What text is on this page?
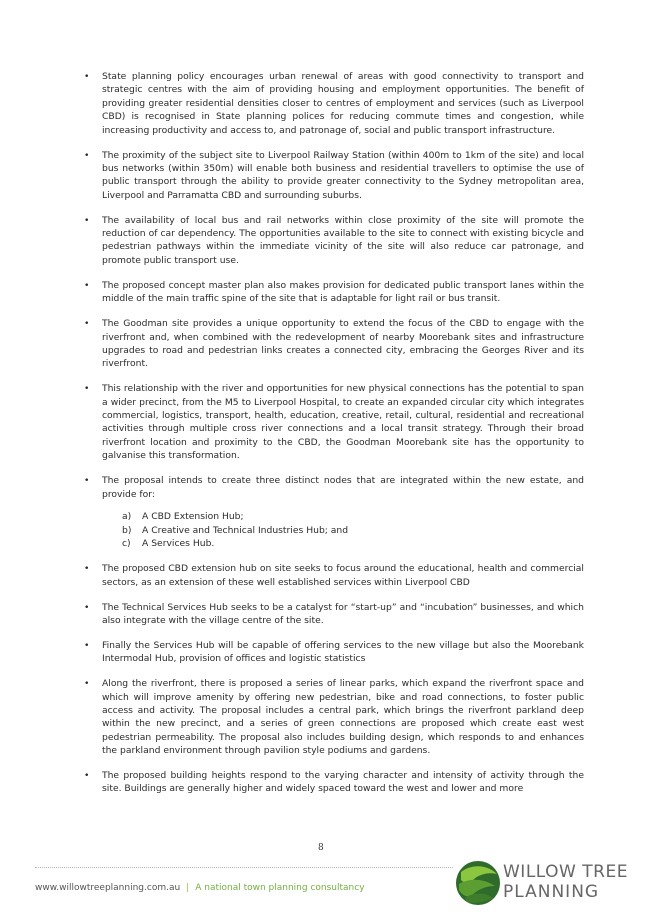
• State planning policy encourages urban renewal of areas with good connectivity to transport and strategic centres with the aim of providing housing and employment opportunities. The benefit of providing greater residential densities closer to centres of employment and services (such as Liverpool CBD) is recognised in State planning polices for reducing commute times and congestion, while increasing productivity and access to, and patronage of, social and public transport infrastructure.
• The proximity of the subject site to Liverpool Railway Station (within 400m to 1km of the site) and local bus networks (within 350m) will enable both business and residential travellers to optimise the use of public transport through the ability to provide greater connectivity to the Sydney metropolitan area, Liverpool and Parramatta CBD and surrounding suburbs.
• The availability of local bus and rail networks within close proximity of the site will promote the reduction of car dependency. The opportunities available to the site to connect with existing bicycle and pedestrian pathways within the immediate vicinity of the site will also reduce car patronage, and promote public transport use.
• The proposed concept master plan also makes provision for dedicated public transport lanes within the middle of the main traffic spine of the site that is adaptable for light rail or bus transit.
• The Goodman site provides a unique opportunity to extend the focus of the CBD to engage with the riverfront and, when combined with the redevelopment of nearby Moorebank sites and infrastructure upgrades to road and pedestrian links creates a connected city, embracing the Georges River and its riverfront.
• This relationship with the river and opportunities for new physical connections has the potential to span a wider precinct, from the M5 to Liverpool Hospital, to create an expanded circular city which integrates commercial, logistics, transport, health, education, creative, retail, cultural, residential and recreational activities through multiple cross river connections and a local transit strategy. Through their broad riverfront location and proximity to the CBD, the Goodman Moorebank site has the opportunity to galvanise this transformation.
• The proposal intends to create three distinct nodes that are integrated within the new estate, and provide for:
a)	A CBD Extension Hub;
b)	A Creative and Technical Industries Hub; and
c)	A Services Hub.
• The proposed CBD extension hub on site seeks to focus around the educational, health and commercial sectors, as an extension of these well established services within Liverpool CBD
• The Technical Services Hub seeks to be a catalyst for “start-up” and “incubation” businesses, and which also integrate with the village centre of the site.
• Finally the Services Hub will be capable of offering services to the new village but also the Moorebank Intermodal Hub, provision of offices and logistic statistics
• Along the riverfront, there is proposed a series of linear parks, which expand the riverfront space and which will improve amenity by offering new pedestrian, bike and road connections, to foster public access and activity. The proposal includes a central park, which brings the riverfront parkland deep within the new precinct, and a series of green connections are proposed which create east west pedestrian permeability. The proposal also includes building design, which responds to and enhances the parkland environment through pavilion style podiums and gardens.
• The proposed building heights respond to the varying character and intensity of activity through the site. Buildings are generally higher and widely spaced toward the west and lower and more
8
www.willowtreeplanning.com.au | A national town planning consultancy
WILLOW TREE
PLANNING
